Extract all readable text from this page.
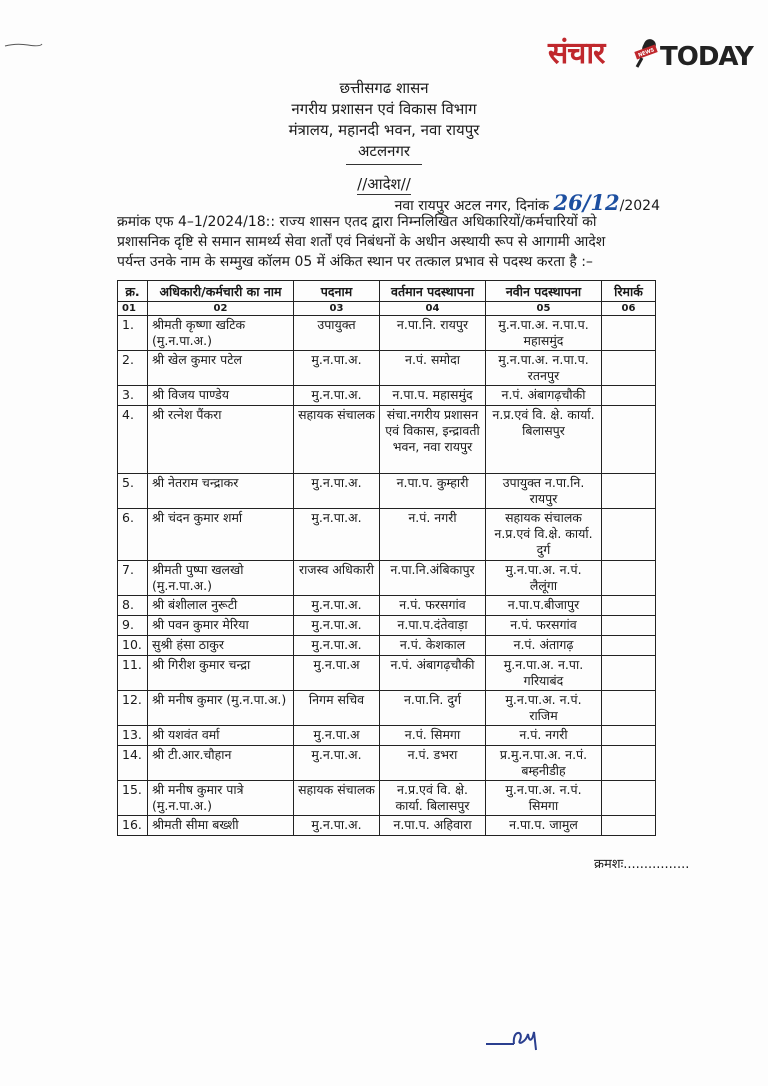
संचार	NEWS TODAY
छत्तीसगढ शासन
नगरीय प्रशासन एवं विकास विभाग
मंत्रालय, महानदी भवन, नवा रायपुर
अटलनगर
//आदेश//
नवा रायपुर अटल नगर, दिनांक 26/12/2024
क्रमांक एफ 4–1/2024/18:: राज्य शासन एतद द्वारा निम्नलिखित अधिकारियों/कर्मचारियों को
प्रशासनिक दृष्टि से समान सामर्थ्य सेवा शर्तों एवं निबंधनों के अधीन अस्थायी रूप से आगामी आदेश
पर्यन्त उनके नाम के सम्मुख कॉलम 05 में अंकित स्थान पर तत्काल प्रभाव से पदस्थ करता है :–
क्र.	अधिकारी/कर्मचारी का नाम	पदनाम	वर्तमान पदस्थापना	नवीन पदस्थापना	रिमार्क
01	02	03	04	05	06
1.	श्रीमती कृष्णा खटिक (मु.न.पा.अ.)	उपायुक्त	न.पा.नि. रायपुर	मु.न.पा.अ. न.पा.प. महासमुंद	
2.	श्री खेल कुमार पटेल	मु.न.पा.अ.	न.पं. समोदा	मु.न.पा.अ. न.पा.प. रतनपुर	
3.	श्री विजय पाण्डेय	मु.न.पा.अ.	न.पा.प. महासमुंद	न.पं. अंबागढ़चौकी	
4.	श्री रत्नेश पैंकरा	सहायक संचालक	संचा.नगरीय प्रशासन एवं विकास, इन्द्रावती भवन, नवा रायपुर	न.प्र.एवं वि. क्षे. कार्या. बिलासपुर	
5.	श्री नेतराम चन्द्राकर	मु.न.पा.अ.	न.पा.प. कुम्हारी	उपायुक्त न.पा.नि. रायपुर	
6.	श्री चंदन कुमार शर्मा	मु.न.पा.अ.	न.पं. नगरी	सहायक संचालक न.प्र.एवं वि.क्षे. कार्या. दुर्ग	
7.	श्रीमती पुष्पा खलखो (मु.न.पा.अ.)	राजस्व अधिकारी	न.पा.नि.अंबिकापुर	मु.न.पा.अ. न.पं. लैलूंगा	
8.	श्री बंशीलाल नुरूटी	मु.न.पा.अ.	न.पं. फरसगांव	न.पा.प.बीजापुर	
9.	श्री पवन कुमार मेरिया	मु.न.पा.अ.	न.पा.प.दंतेवाड़ा	न.पं. फरसगांव	
10.	सुश्री हंसा ठाकुर	मु.न.पा.अ.	न.पं. केशकाल	न.पं. अंतागढ़	
11.	श्री गिरीश कुमार चन्द्रा	मु.न.पा.अ	न.पं. अंबागढ़चौकी	मु.न.पा.अ. न.पा. गरियाबंद	
12.	श्री मनीष कुमार (मु.न.पा.अ.)	निगम सचिव	न.पा.नि. दुर्ग	मु.न.पा.अ. न.पं. राजिम	
13.	श्री यशवंत वर्मा	मु.न.पा.अ	न.पं. सिमगा	न.पं. नगरी	
14.	श्री टी.आर.चौहान	मु.न.पा.अ.	न.पं. डभरा	प्र.मु.न.पा.अ. न.पं. बम्हनीडीह	
15.	श्री मनीष कुमार पात्रे (मु.न.पा.अ.)	सहायक संचालक	न.प्र.एवं वि. क्षे. कार्या. बिलासपुर	मु.न.पा.अ. न.पं. सिमगा	
16.	श्रीमती सीमा बख्शी	मु.न.पा.अ.	न.पा.प. अहिवारा	न.पा.प. जामुल	
क्रमशः................
